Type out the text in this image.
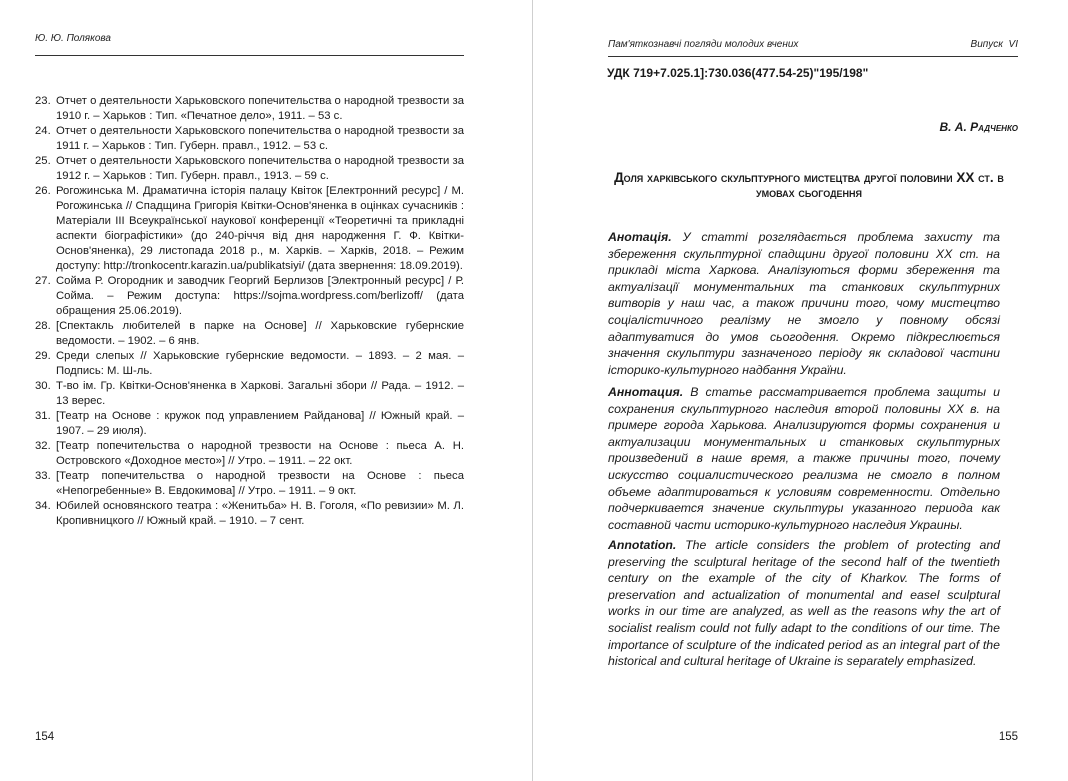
Ю. Ю. Полякова
23. Отчет о деятельности Харьковского попечительства о народной трезвости за 1910 г. – Харьков : Тип. «Печатное дело», 1911. – 53 с.
24. Отчет о деятельности Харьковского попечительства о народной трезвости за 1911 г. – Харьков : Тип. Губерн. правл., 1912. – 53 с.
25. Отчет о деятельности Харьковского попечительства о народной трезвости за 1912 г. – Харьков : Тип. Губерн. правл., 1913. – 59 с.
26. Рогожинська М. Драматична історія палацу Квіток [Електронний ресурс] / М. Рогожинська // Спадщина Григорія Квітки-Основ'яненка в оцінках сучасників : Матеріали ІІІ Всеукраїнської наукової конференції «Теоретичні та прикладні аспекти біографістики» (до 240-річчя від дня народження Г. Ф. Квітки-Основ'яненка), 29 листопада 2018 р., м. Харків. – Харків, 2018. – Режим доступу: http://tronkocentr.karazin.ua/publikatsiyi/ (дата звернення: 18.09.2019).
27. Сойма Р. Огородник и заводчик Георгий Берлизов [Электронный ресурс] / Р. Сойма. – Режим доступа: https://sojma.wordpress.com/berlizoff/ (дата обращения 25.06.2019).
28. [Спектакль любителей в парке на Основе] // Харьковские губернские ведомости. – 1902. – 6 янв.
29. Среди слепых // Харьковские губернские ведомости. – 1893. – 2 мая. – Подпись: М. Ш-ль.
30. Т-во ім. Гр. Квітки-Основ'яненка в Харкові. Загальні збори // Рада. – 1912. – 13 верес.
31. [Театр на Основе : кружок под управлением Райданова] // Южный край. – 1907. – 29 июля).
32. [Театр попечительства о народной трезвости на Основе : пьеса А. Н. Островского «Доходное место»] // Утро. – 1911. – 22 окт.
33. [Театр попечительства о народной трезвости на Основе : пьеса «Непогребенные» В. Евдокимова] // Утро. – 1911. – 9 окт.
34. Юбилей основянского театра : «Женитьба» Н. В. Гоголя, «По ревизии» М. Л. Кропивницкого // Южный край. – 1910. – 7 сент.
154
Пам'яткознавчі погляди молодих вчених	Випуск  VI
УДК 719+7.025.1]:730.036(477.54-25)"195/198"
В. А. Радченко
Доля харківського скульптурного мистецтва другої половини XX ст. в умовах сьогодення

Анотація. У статті розглядається проблема захисту та збереження скульптурної спадщини другої половини XX ст. на прикладі міста Харкова. Аналізуються форми збереження та актуалізації монументальних та станкових скульптурних витворів у наш час, а також причини того, чому мистецтво соціалістичного реалізму не змогло у повному обсязі адаптуватися до умов сьогодення. Окремо підкреслюється значення скульптури зазначеного періоду як складової частини історико-культурного надбання України.

Аннотация. В статье рассматривается проблема защиты и сохранения скульптурного наследия второй половины XX в. на примере города Харькова. Анализируются формы сохранения и актуализации монументальных и станковых скульптурных произведений в наше время, а также причины того, почему искусство социалистического реализма не смогло в полном объеме адаптироваться к условиям современности. Отдельно подчеркивается значение скульптуры указанного периода как составной части историко-культурного наследия Украины.

Annotation. The article considers the problem of protecting and preserving the sculptural heritage of the second half of the twentieth century on the example of the city of Kharkov. The forms of preservation and actualization of monumental and easel sculptural works in our time are analyzed, as well as the reasons why the art of socialist realism could not fully adapt to the conditions of our time. The importance of sculpture of the indicated period as an integral part of the historical and cultural heritage of Ukraine is separately emphasized.

155
